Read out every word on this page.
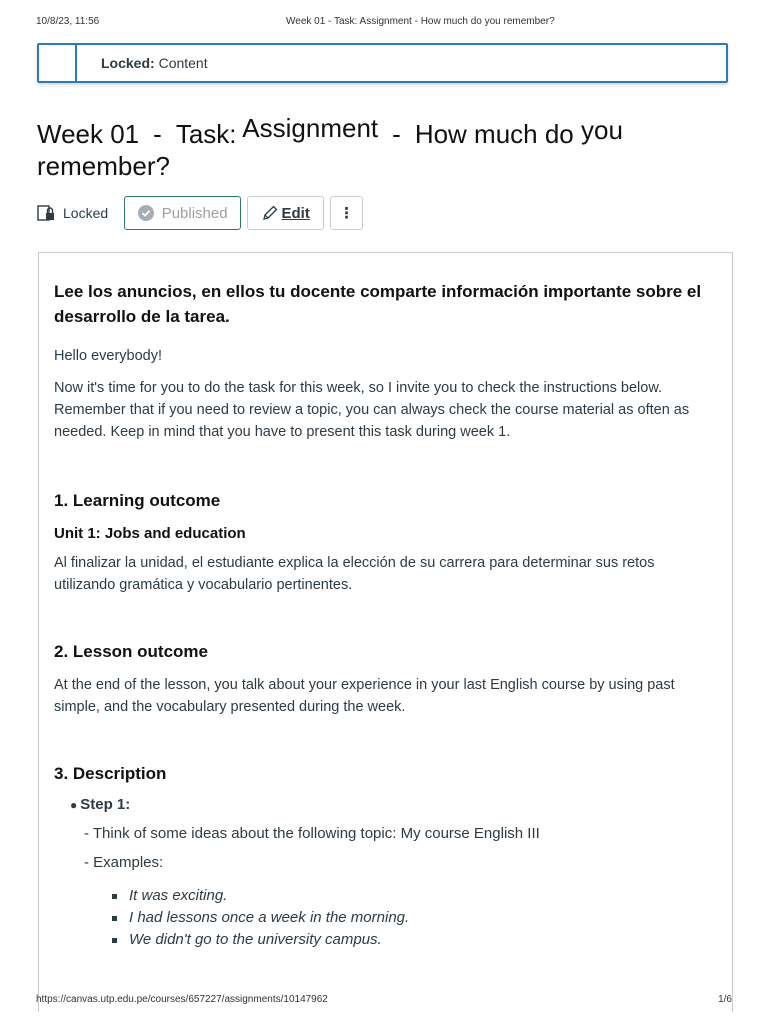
10/8/23, 11:56	Week 01 - Task: Assignment - How much do you remember?
Locked: Content
Week 01 - Task: Assignment - How much do you
remember?
Locked	Published	Edit ⋮
Lee los anuncios, en ellos tu docente comparte información importante sobre el desarrollo de la tarea.

Hello everybody!

Now it's time for you to do the task for this week, so I invite you to check the instructions below. Remember that if you need to review a topic, you can always check the course material as often as needed. Keep in mind that you have to present this task during week 1.

1. Learning outcome
Unit 1: Jobs and education

Al finalizar la unidad, el estudiante explica la elección de su carrera para determinar sus retos utilizando gramática y vocabulario pertinentes.

2. Lesson outcome

At the end of the lesson, you talk about your experience in your last English course by using past simple, and the vocabulary presented during the week.

3. Description
● Step 1:
- Think of some ideas about the following topic: My course English III
- Examples:
It was exciting.
I had lessons once a week in the morning.
We didn't go to the university campus.
https://canvas.utp.edu.pe/courses/657227/assignments/10147962	1/6
